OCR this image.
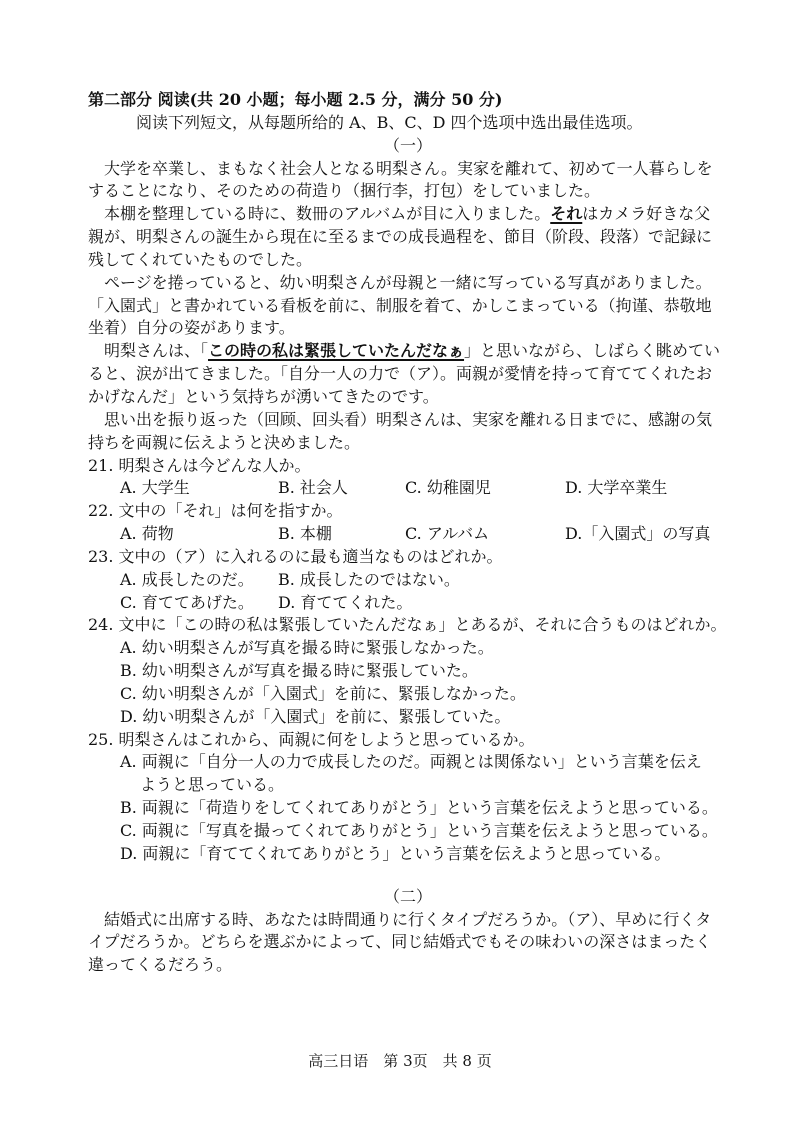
第二部分 阅读(共 20 小题；每小题 2.5 分，满分 50 分)
阅读下列短文，从每题所给的 A、B、C、D 四个选项中选出最佳选项。
（一）
大学を卒業し、まもなく社会人となる明梨さん。実家を離れて、初めて一人暮らしを
することになり、そのための荷造り（捆行李，打包）をしていました。
本棚を整理している時に、数冊のアルバムが目に入りました。それはカメラ好きな父
親が、明梨さんの誕生から現在に至るまでの成長過程を、節目（阶段、段落）で記録に
残してくれていたものでした。
ページを捲っていると、幼い明梨さんが母親と一緒に写っている写真がありました。
「入園式」と書かれている看板を前に、制服を着て、かしこまっている（拘谨、恭敬地
坐着）自分の姿があります。
明梨さんは、「この時の私は緊張していたんだなぁ」と思いながら、しばらく眺めてい
ると、涙が出てきました。「自分一人の力で（ア）。両親が愛情を持って育ててくれたお
かげなんだ」という気持ちが湧いてきたのです。
思い出を振り返った（回顾、回头看）明梨さんは、実家を離れる日までに、感謝の気
持ちを両親に伝えようと決めました。
21. 明梨さんは今どんな人か。
A. 大学生	B. 社会人	C. 幼稚園児	D. 大学卒業生
22. 文中の「それ」は何を指すか。
A. 荷物	B. 本棚	C. アルバム	D.「入園式」の写真
23. 文中の（ア）に入れるのに最も適当なものはどれか。
A. 成長したのだ。 B. 成長したのではない。
C. 育ててあげた。 D. 育ててくれた。
24. 文中に「この時の私は緊張していたんだなぁ」とあるが、それに合うものはどれか。
A. 幼い明梨さんが写真を撮る時に緊張しなかった。
B. 幼い明梨さんが写真を撮る時に緊張していた。
C. 幼い明梨さんが「入園式」を前に、緊張しなかった。
D. 幼い明梨さんが「入園式」を前に、緊張していた。
25. 明梨さんはこれから、両親に何をしようと思っているか。
A. 両親に「自分一人の力で成長したのだ。両親とは関係ない」という言葉を伝え
ようと思っている。
B. 両親に「荷造りをしてくれてありがとう」という言葉を伝えようと思っている。
C. 両親に「写真を撮ってくれてありがとう」という言葉を伝えようと思っている。
D. 両親に「育ててくれてありがとう」という言葉を伝えようと思っている。
（二）
結婚式に出席する時、あなたは時間通りに行くタイプだろうか。（ア）、早めに行くタ
イプだろうか。どちらを選ぶかによって、同じ結婚式でもその味わいの深さはまったく
違ってくるだろう。
高三日语　第 3页　共 8 页
